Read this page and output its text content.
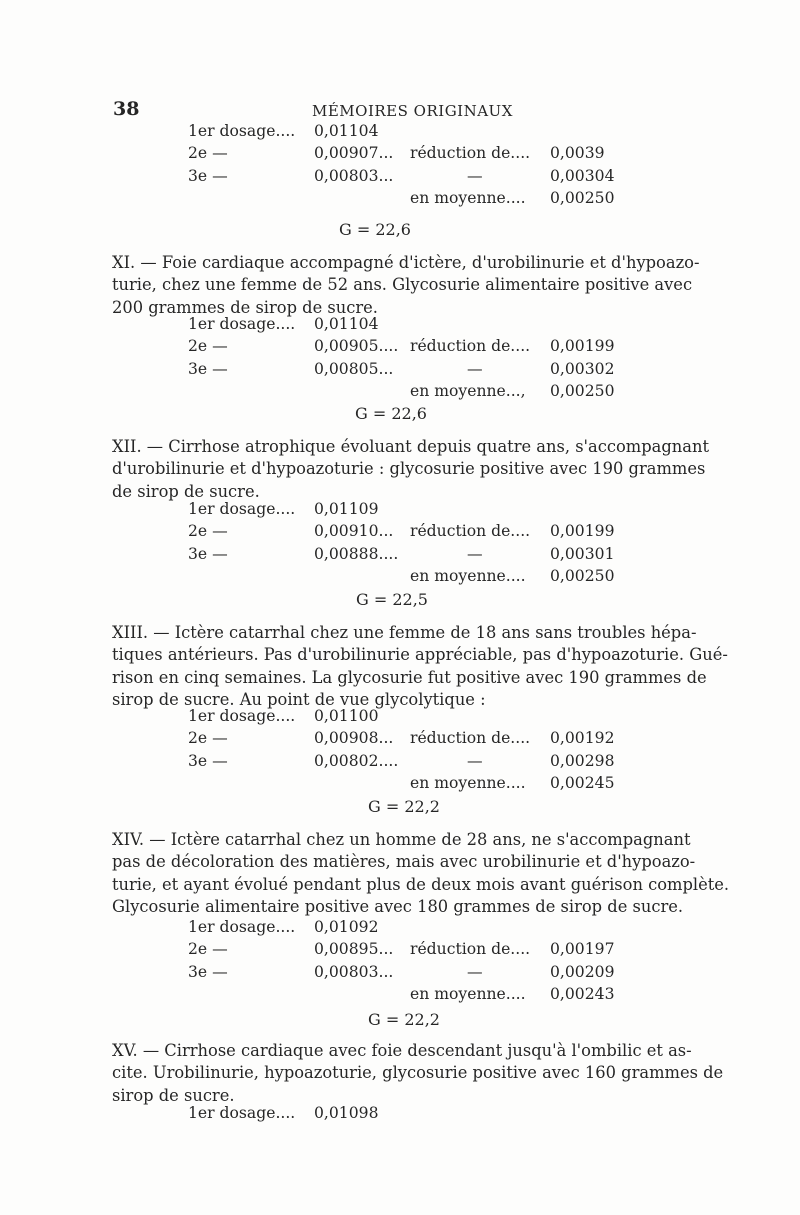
38	MÉMOIRES ORIGINAUX
1er dosage.... 0,01104
2e —	0,00907... réduction de.... 0,0039
3e —	0,00803...	—	0,00304
en moyenne.... 0,00250
G = 22,6
XI. — Foie cardiaque accompagné d'ictère, d'urobilinurie et d'hypoazo-
turie, chez une femme de 52 ans. Glycosurie alimentaire positive avec
200 grammes de sirop de sucre.
1er dosage.... 0,01104
2e —	0,00905.... réduction de.... 0,00199
3e —	0,00805...	—	0,00302
en moyenne..., 0,00250
G = 22,6
XII. — Cirrhose atrophique évoluant depuis quatre ans, s'accompagnant
d'urobilinurie et d'hypoazoturie : glycosurie positive avec 190 grammes
de sirop de sucre.
1er dosage.... 0,01109
2e —	0,00910... réduction de.... 0,00199
3e —	0,00888....	—	0,00301
en moyenne.... 0,00250
G = 22,5
XIII. — Ictère catarrhal chez une femme de 18 ans sans troubles hépa-
tiques antérieurs. Pas d'urobilinurie appréciable, pas d'hypoazoturie. Gué-
rison en cinq semaines. La glycosurie fut positive avec 190 grammes de
sirop de sucre. Au point de vue glycolytique :
1er dosage.... 0,01100
2e —	0,00908... réduction de.... 0,00192
3e —	0,00802....	—	0,00298
en moyenne.... 0,00245
G = 22,2
XIV. — Ictère catarrhal chez un homme de 28 ans, ne s'accompagnant
pas de décoloration des matières, mais avec urobilinurie et d'hypoazo-
turie, et ayant évolué pendant plus de deux mois avant guérison complète.
Glycosurie alimentaire positive avec 180 grammes de sirop de sucre.
1er dosage.... 0,01092
2e —	0,00895... réduction de.... 0,00197
3e —	0,00803...	—	0,00209
en moyenne.... 0,00243
G = 22,2
XV. — Cirrhose cardiaque avec foie descendant jusqu'à l'ombilic et as-
cite. Urobilinurie, hypoazoturie, glycosurie positive avec 160 grammes de
sirop de sucre.
1er dosage.... 0,01098
